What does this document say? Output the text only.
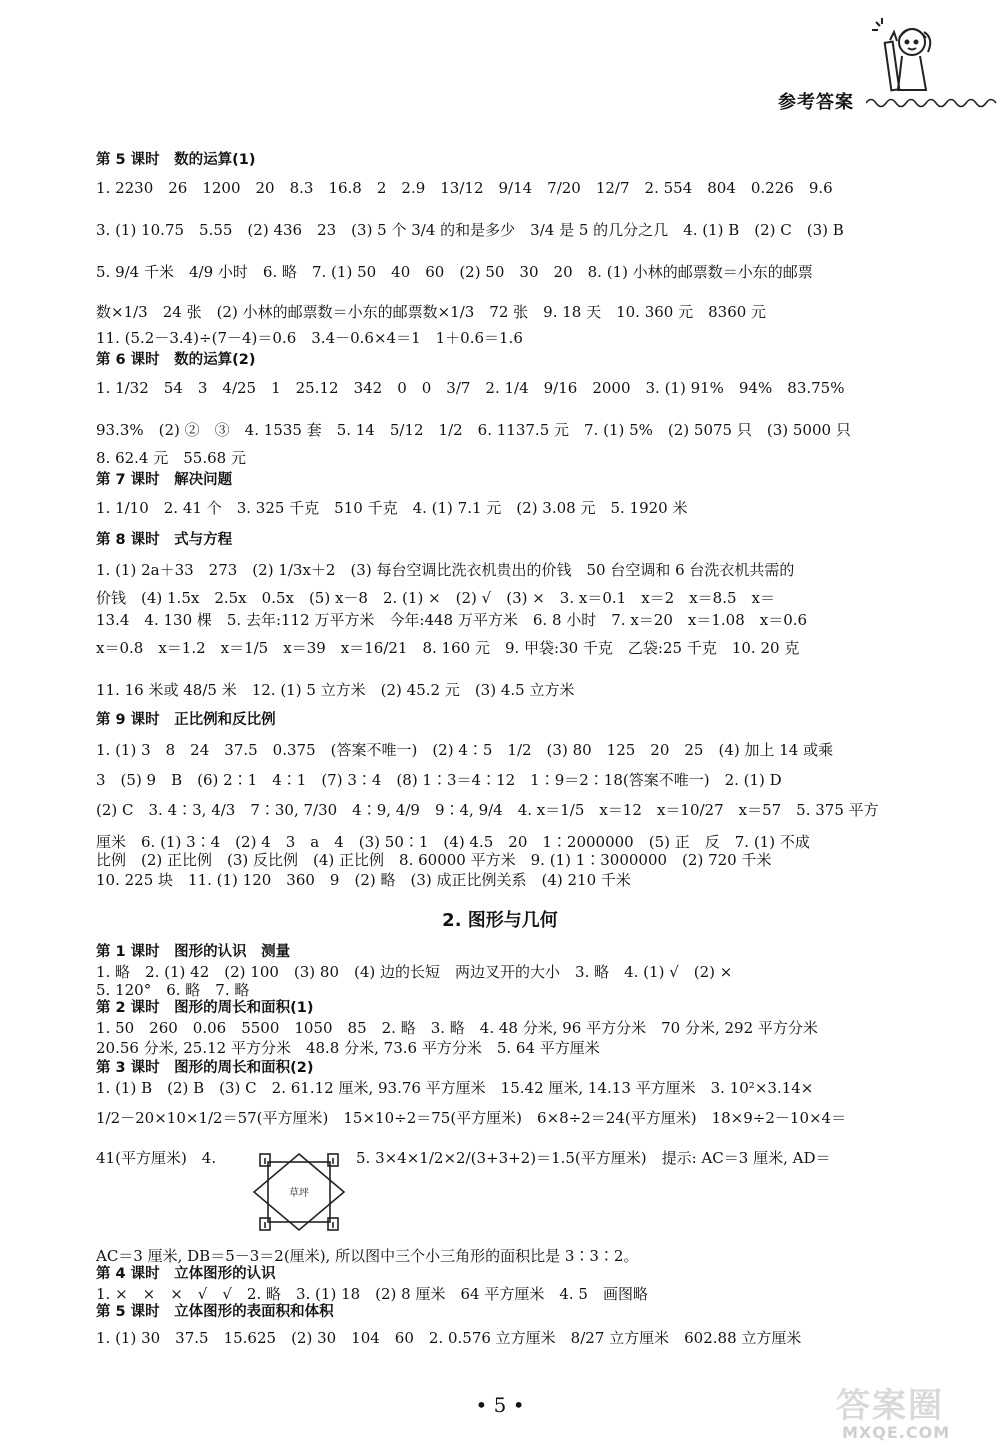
参考答案
第 5 课时　数的运算(1)
1. 2230　26　1200　20　8.3　16.8　2　2.9　13/12　9/14　7/20　12/7　2. 554　804　0.226　9.6
3. (1) 10.75　5.55　(2) 436　23　(3) 5 个 3/4 的和是多少　3/4 是 5 的几分之几　4. (1) B　(2) C　(3) B
5. 9/4 千米　4/9 小时　6. 略　7. (1) 50　40　60　(2) 50　30　20　8. (1) 小林的邮票数＝小东的邮票
数×1/3　24 张　(2) 小林的邮票数＝小东的邮票数×1/3　72 张　9. 18 天　10. 360 元　8360 元
11. (5.2－3.4)÷(7－4)＝0.6　3.4－0.6×4＝1　1＋0.6＝1.6
第 6 课时　数的运算(2)
1. 1/32　54　3　4/25　1　25.12　342　0　0　3/7　2. 1/4　9/16　2000　3. (1) 91%　94%　83.75%
93.3%　(2) ②　③　4. 1535 套　5. 14　5/12　1/2　6. 1137.5 元　7. (1) 5%　(2) 5075 只　(3) 5000 只
8. 62.4 元　55.68 元
第 7 课时　解决问题
1. 1/10　2. 41 个　3. 325 千克　510 千克　4. (1) 7.1 元　(2) 3.08 元　5. 1920 米
第 8 课时　式与方程
1. (1) 2a＋33　273　(2) 1/3x＋2　(3) 每台空调比洗衣机贵出的价钱　50 台空调和 6 台洗衣机共需的
价钱　(4) 1.5x　2.5x　0.5x　(5) x－8　2. (1) ×　(2) √　(3) ×　3. x＝0.1　x＝2　x＝8.5　x＝
13.4　4. 130 棵　5. 去年:112 万平方米　今年:448 万平方米　6. 8 小时　7. x＝20　x＝1.08　x＝0.6
x＝0.8　x＝1.2　x＝1/5　x＝39　x＝16/21　8. 160 元　9. 甲袋:30 千克　乙袋:25 千克　10. 20 克
11. 16 米或 48/5 米　12. (1) 5 立方米　(2) 45.2 元　(3) 4.5 立方米
第 9 课时　正比例和反比例
1. (1) 3　8　24　37.5　0.375　(答案不唯一)　(2) 4∶5　1/2　(3) 80　125　20　25　(4) 加上 14 或乘
3　(5) 9　B　(6) 2∶1　4∶1　(7) 3∶4　(8) 1∶3＝4∶12　1∶9＝2∶18(答案不唯一)　2. (1) D
(2) C　3. 4∶3, 4/3　7∶30, 7/30　4∶9, 4/9　9∶4, 9/4　4. x＝1/5　x＝12　x＝10/27　x＝57　5. 375 平方
厘米　6. (1) 3∶4　(2) 4　3　a　4　(3) 50∶1　(4) 4.5　20　1∶2000000　(5) 正　反　7. (1) 不成
比例　(2) 正比例　(3) 反比例　(4) 正比例　8. 60000 平方米　9. (1) 1∶3000000　(2) 720 千米
10. 225 块　11. (1) 120　360　9　(2) 略　(3) 成正比例关系　(4) 210 千米
第 1 课时　图形的认识　测量
1. 略　2. (1) 42　(2) 100　(3) 80　(4) 边的长短　两边叉开的大小　3. 略　4. (1) √　(2) ×
5. 120°　6. 略　7. 略
第 2 课时　图形的周长和面积(1)
1. 50　260　0.06　5500　1050　85　2. 略　3. 略　4. 48 分米, 96 平方分米　70 分米, 292 平方分米
20.56 分米, 25.12 平方分米　48.8 分米, 73.6 平方分米　5. 64 平方厘米
第 3 课时　图形的周长和面积(2)
1. (1) B　(2) B　(3) C　2. 61.12 厘米, 93.76 平方厘米　15.42 厘米, 14.13 平方厘米　3. 10²×3.14×
1/2－20×10×1/2＝57(平方厘米)　15×10÷2＝75(平方厘米)　6×8÷2＝24(平方厘米)　18×9÷2－10×4＝
41(平方厘米)　4.	5. 3×4×1/2×2/(3+3+2)＝1.5(平方厘米)　提示: AC＝3 厘米, AD＝
AC＝3 厘米, DB＝5－3＝2(厘米), 所以图中三个小三角形的面积比是 3∶3∶2。
第 4 课时　立体图形的认识
1. ×　×　×　√　√　2. 略　3. (1) 18　(2) 8 厘米　64 平方厘米　4. 5　画图略
第 5 课时　立体图形的表面积和体积
1. (1) 30　37.5　15.625　(2) 30　104　60　2. 0.576 立方厘米　8/27 立方厘米　602.88 立方厘米
2. 图形与几何
草坪
• 5 •	答案圈
MXQE.COM
